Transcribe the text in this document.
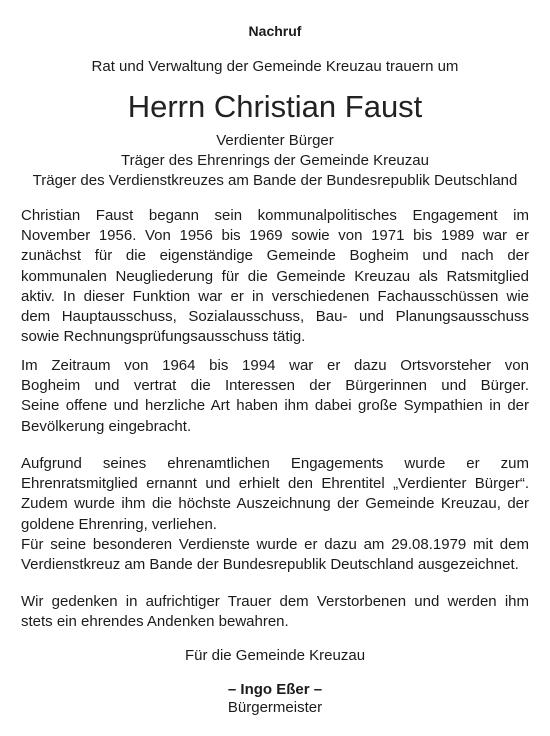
Nachruf
Rat und Verwaltung der Gemeinde Kreuzau trauern um
Herrn Christian Faust
Verdienter Bürger
Träger des Ehrenrings der Gemeinde Kreuzau
Träger des Verdienstkreuzes am Bande der Bundesrepublik Deutschland
Christian Faust begann sein kommunalpolitisches Engagement im
November 1956. Von 1956 bis 1969 sowie von 1971 bis 1989 war er
zunächst für die eigenständige Gemeinde Bogheim und nach der
kommunalen Neugliederung für die Gemeinde Kreuzau als Ratsmitglied
aktiv. In dieser Funktion war er in verschiedenen Fachausschüssen wie
dem Hauptausschuss, Sozialausschuss, Bau- und Planungsausschuss
sowie Rechnungsprüfungsausschuss tätig.
Im Zeitraum von 1964 bis 1994 war er dazu Ortsvorsteher von
Bogheim und vertrat die Interessen der Bürgerinnen und Bürger.
Seine offene und herzliche Art haben ihm dabei große Sympathien in der
Bevölkerung eingebracht.
Aufgrund seines ehrenamtlichen Engagements wurde er zum
Ehrenratsmitglied ernannt und erhielt den Ehrentitel „Verdienter Bürger“.
Zudem wurde ihm die höchste Auszeichnung der Gemeinde Kreuzau, der
goldene Ehrenring, verliehen.
Für seine besonderen Verdienste wurde er dazu am 29.08.1979 mit dem
Verdienstkreuz am Bande der Bundesrepublik Deutschland ausgezeichnet.
Wir gedenken in aufrichtiger Trauer dem Verstorbenen und werden ihm
stets ein ehrendes Andenken bewahren.
Für die Gemeinde Kreuzau
– Ingo Eßer –
Bürgermeister
